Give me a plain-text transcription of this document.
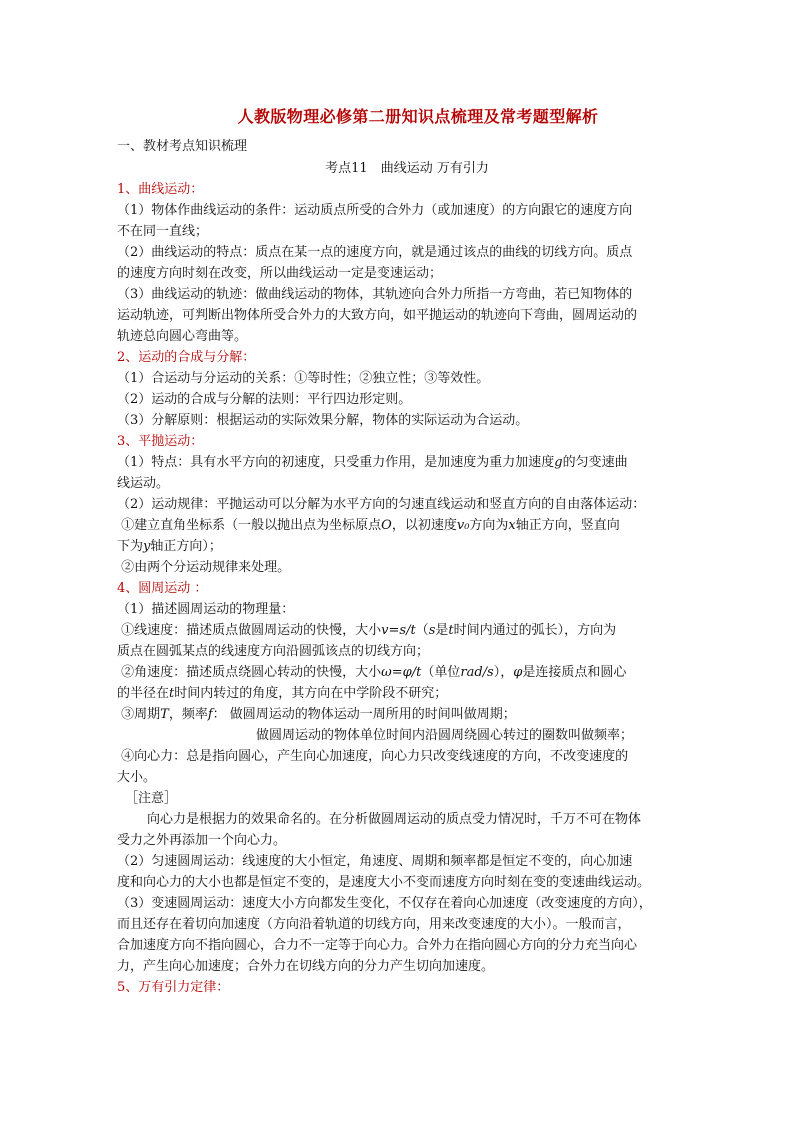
人教版物理必修第二册知识点梳理及常考题型解析
一、教材考点知识梳理
考点11　曲线运动 万有引力
1、曲线运动：
（1）物体作曲线运动的条件：运动质点所受的合外力（或加速度）的方向跟它的速度方向
不在同一直线；
（2）曲线运动的特点：质点在某一点的速度方向，就是通过该点的曲线的切线方向。质点
的速度方向时刻在改变，所以曲线运动一定是变速运动；
（3）曲线运动的轨迹：做曲线运动的物体，其轨迹向合外力所指一方弯曲，若已知物体的
运动轨迹，可判断出物体所受合外力的大致方向，如平抛运动的轨迹向下弯曲，圆周运动的
轨迹总向圆心弯曲等。
2、运动的合成与分解：
（1）合运动与分运动的关系：①等时性；②独立性；③等效性。
（2）运动的合成与分解的法则：平行四边形定则。
（3）分解原则：根据运动的实际效果分解，物体的实际运动为合运动。
3、平抛运动：
（1）特点：具有水平方向的初速度，只受重力作用，是加速度为重力加速度g的匀变速曲
线运动。
（2）运动规律：平抛运动可以分解为水平方向的匀速直线运动和竖直方向的自由落体运动：
①建立直角坐标系（一般以抛出点为坐标原点O，以初速度v₀方向为x轴正方向，竖直向
下为y轴正方向）；
②由两个分运动规律来处理。
4、圆周运动 ：
（1）描述圆周运动的物理量：
①线速度：描述质点做圆周运动的快慢，大小v=s/t（s是t时间内通过的弧长），方向为
质点在圆弧某点的线速度方向沿圆弧该点的切线方向；
②角速度：描述质点绕圆心转动的快慢，大小ω=φ/t（单位rad/s），φ是连接质点和圆心
的半径在t时间内转过的角度，其方向在中学阶段不研究；
③周期T，频率f： 做圆周运动的物体运动一周所用的时间叫做周期；
做圆周运动的物体单位时间内沿圆周绕圆心转过的圈数叫做频率；
④向心力：总是指向圆心，产生向心加速度，向心力只改变线速度的方向，不改变速度的
大小。
［注意］
向心力是根据力的效果命名的。在分析做圆周运动的质点受力情况时，千万不可在物体
受力之外再添加一个向心力。
（2）匀速圆周运动：线速度的大小恒定，角速度、周期和频率都是恒定不变的，向心加速
度和向心力的大小也都是恒定不变的，是速度大小不变而速度方向时刻在变的变速曲线运动。
（3）变速圆周运动：速度大小方向都发生变化，不仅存在着向心加速度（改变速度的方向），
而且还存在着切向加速度（方向沿着轨道的切线方向，用来改变速度的大小）。一般而言，
合加速度方向不指向圆心，合力不一定等于向心力。合外力在指向圆心方向的分力充当向心
力，产生向心加速度；合外力在切线方向的分力产生切向加速度。
5、万有引力定律：
